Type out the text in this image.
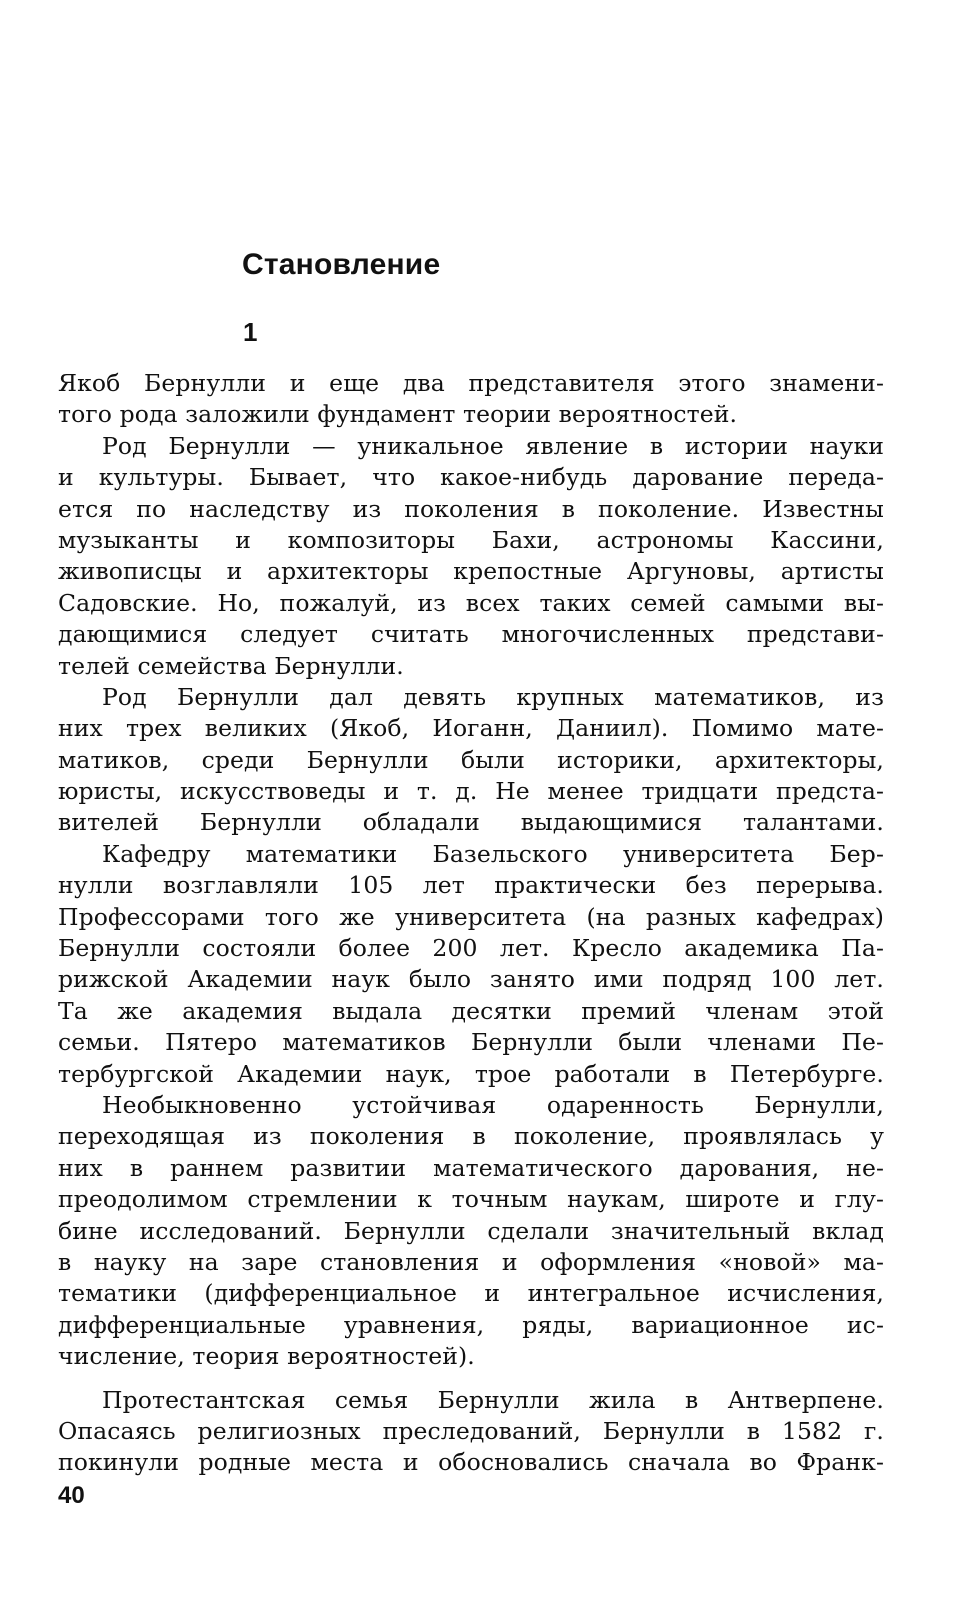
Становление
1
Якоб Бернулли и еще два представителя этого знамени-
того рода заложили фундамент теории вероятностей.
Род Бернулли — уникальное явление в истории науки
и культуры. Бывает, что какое-нибудь дарование переда-
ется по наследству из поколения в поколение. Известны
музыканты и композиторы Бахи, астрономы Кассини,
живописцы и архитекторы крепостные Аргуновы, артисты
Садовские. Но, пожалуй, из всех таких семей самыми вы-
дающимися следует считать многочисленных представи-
телей семейства Бернулли.
Род Бернулли дал девять крупных математиков, из
них трех великих (Якоб, Иоганн, Даниил). Помимо мате-
матиков, среди Бернулли были историки, архитекторы,
юристы, искусствоведы и т. д. Не менее тридцати предста-
вителей Бернулли обладали выдающимися талантами.
Кафедру математики Базельского университета Бер-
нулли возглавляли 105 лет практически без перерыва.
Профессорами того же университета (на разных кафедрах)
Бернулли состояли более 200 лет. Кресло академика Па-
рижской Академии наук было занято ими подряд 100 лет.
Та же академия выдала десятки премий членам этой
семьи. Пятеро математиков Бернулли были членами Пе-
тербургской Академии наук, трое работали в Петербурге.
Необыкновенно устойчивая одаренность Бернулли,
переходящая из поколения в поколение, проявлялась у
них в раннем развитии математического дарования, не-
преодолимом стремлении к точным наукам, широте и глу-
бине исследований. Бернулли сделали значительный вклад
в науку на заре становления и оформления «новой» ма-
тематики (дифференциальное и интегральное исчисления,
дифференциальные уравнения, ряды, вариационное ис-
числение, теория вероятностей).
Протестантская семья Бернулли жила в Антверпене.
Опасаясь религиозных преследований, Бернулли в 1582 г.
покинули родные места и обосновались сначала во Франк-
40
